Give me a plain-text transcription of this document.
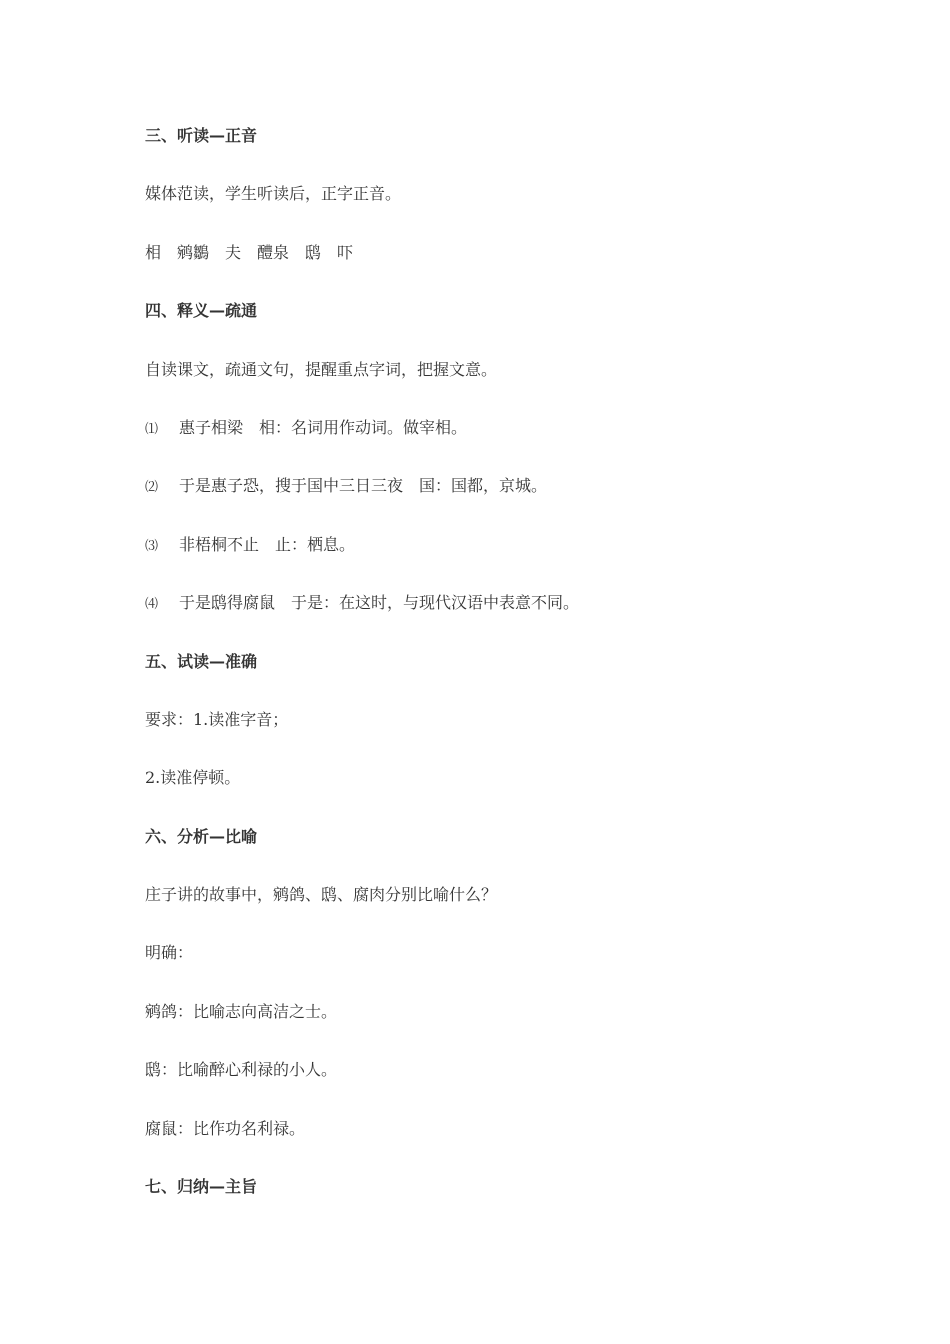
三、听读—正音
媒体范读，学生听读后，正字正音。
相　鹓鶵　夫　醴泉　鸱　吓
四、释义—疏通
自读课文，疏通文句，提醒重点字词，把握文意。
⑴ 惠子相梁　相：名词用作动词。做宰相。
⑵ 于是惠子恐，搜于国中三日三夜　国：国都，京城。
⑶ 非梧桐不止　止：栖息。
⑷ 于是鸱得腐鼠　于是：在这时，与现代汉语中表意不同。
五、试读—准确
要求：1.读准字音；
2.读准停顿。
六、分析—比喻
庄子讲的故事中，鹓鸽、鸱、腐肉分别比喻什么？
明确：
鹓鸽：比喻志向高洁之士。
鸱：比喻醉心利禄的小人。
腐鼠：比作功名利禄。
七、归纳—主旨
